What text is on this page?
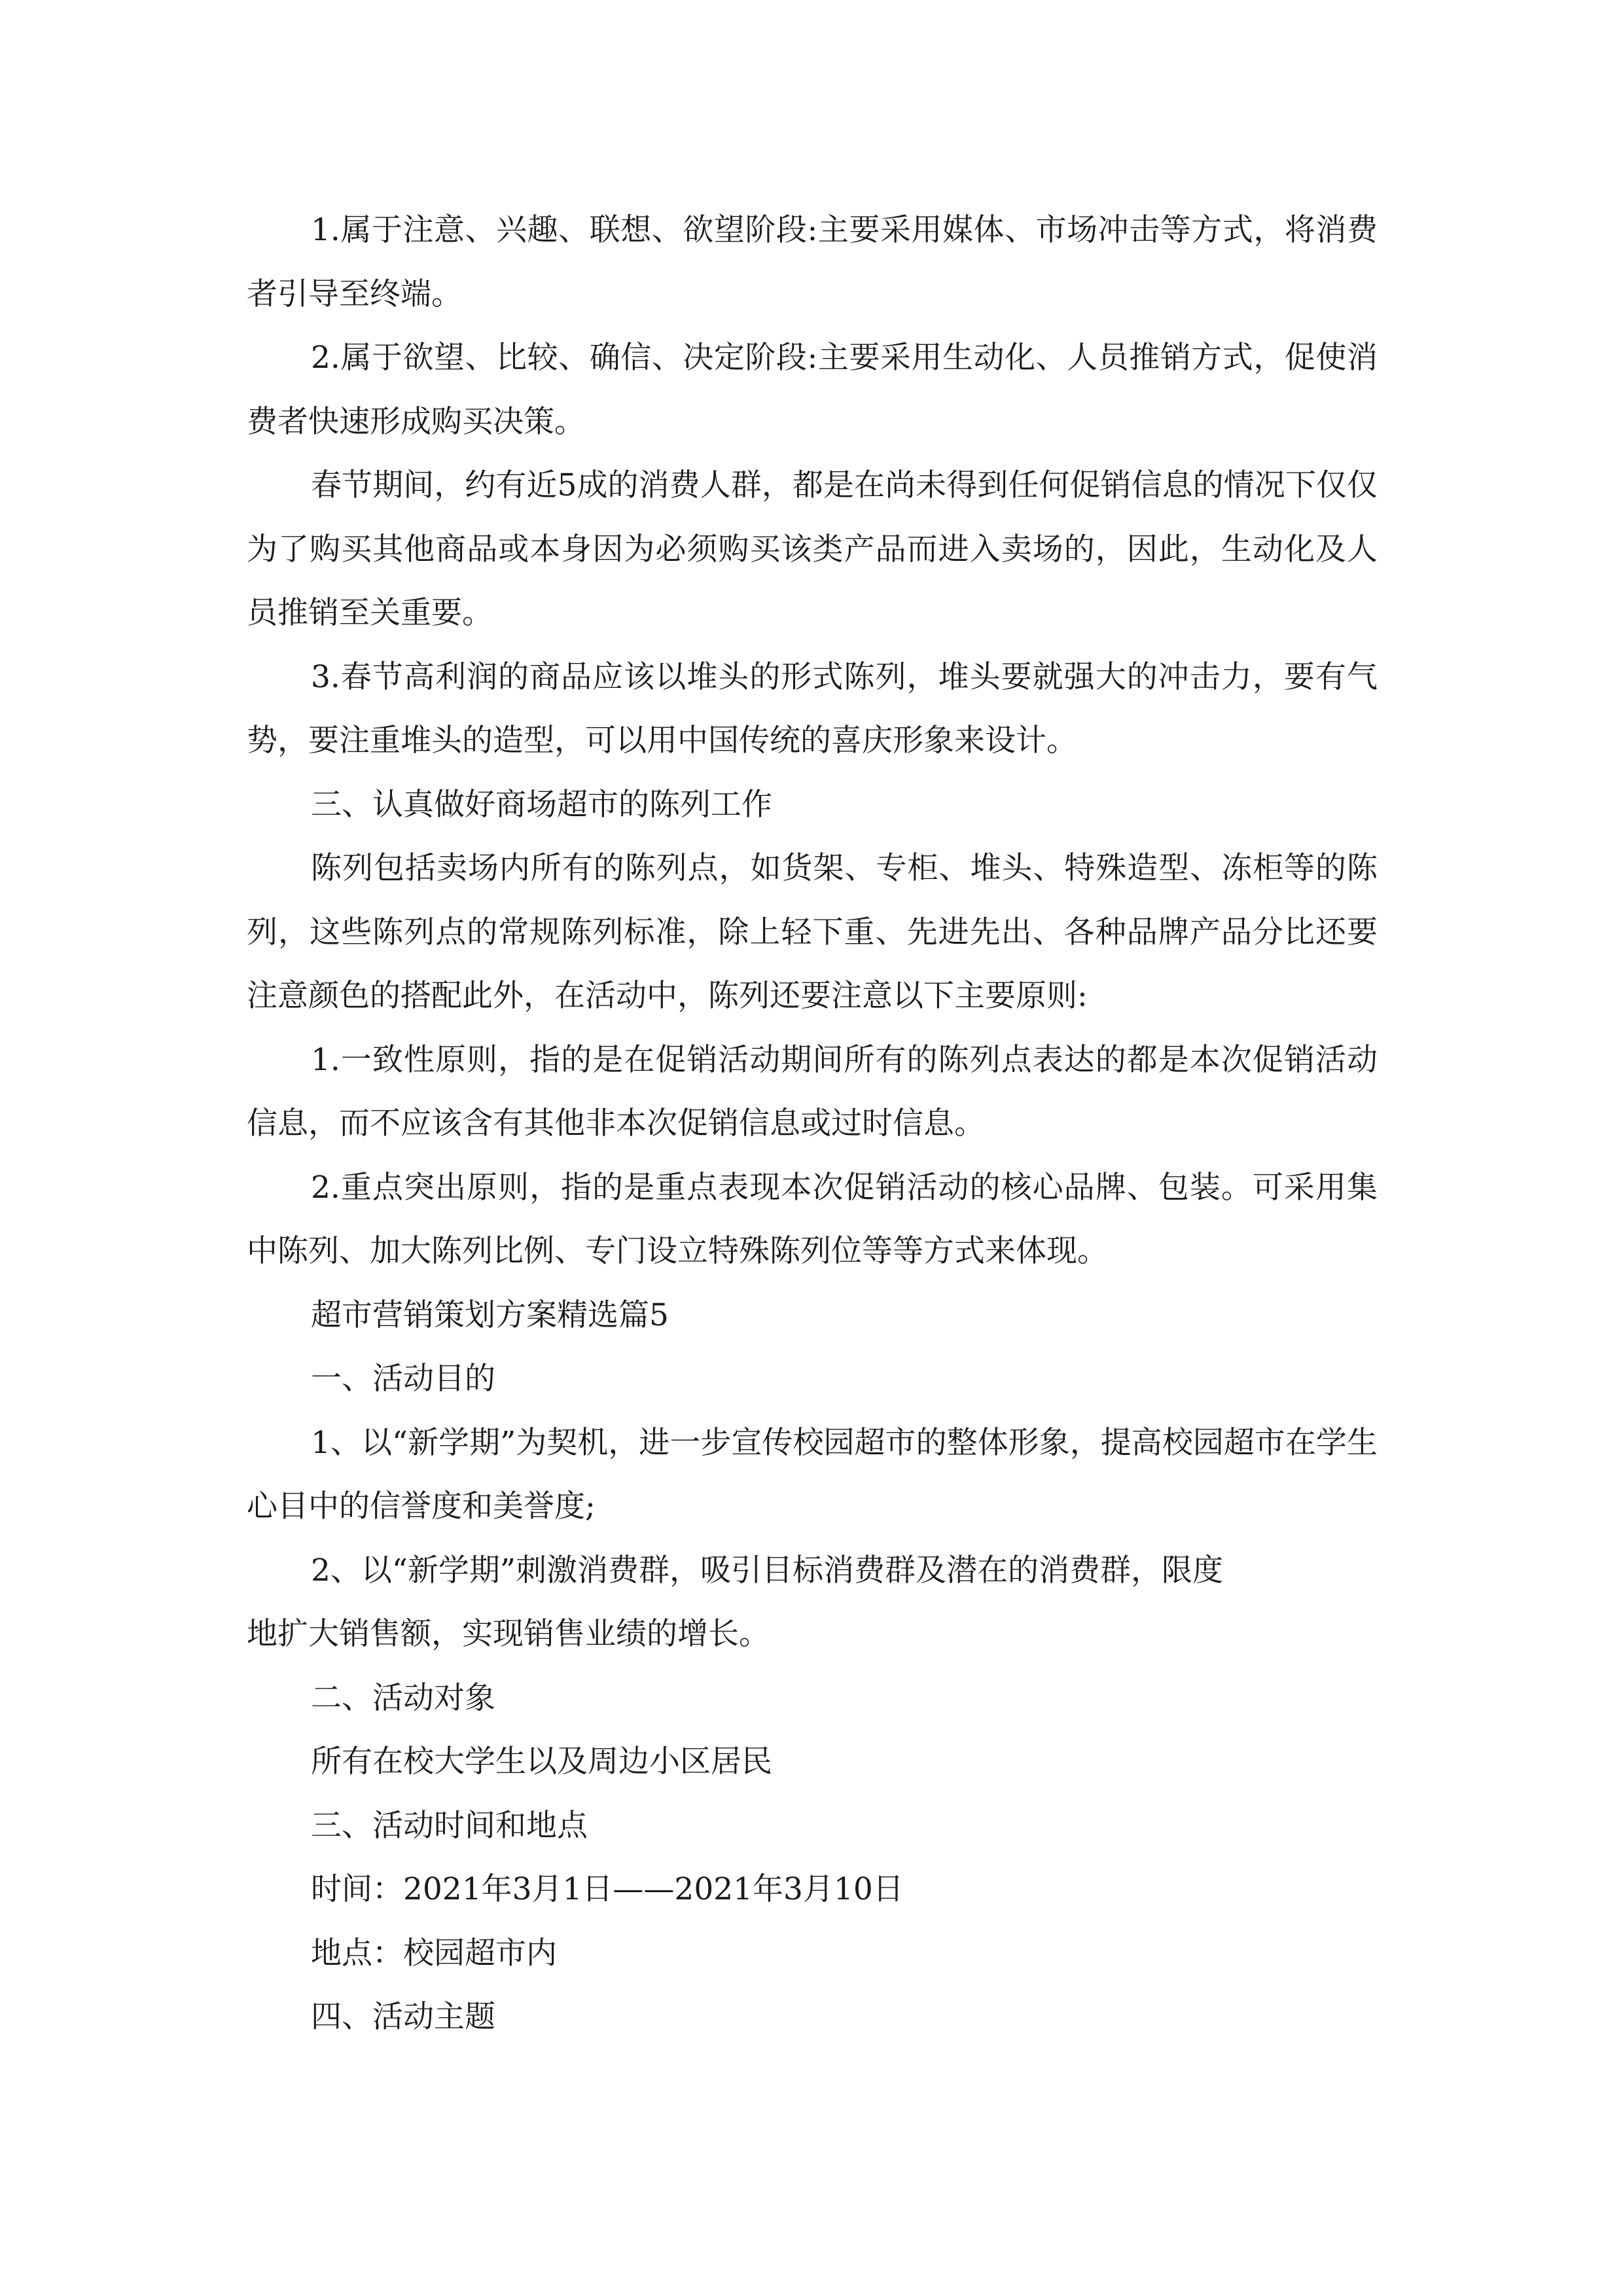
1.属于注意、兴趣、联想、欲望阶段:主要采用媒体、市场冲击等方式，将消费者引导至终端。

2.属于欲望、比较、确信、决定阶段:主要采用生动化、人员推销方式，促使消费者快速形成购买决策。

春节期间，约有近5成的消费人群，都是在尚未得到任何促销信息的情况下仅仅为了购买其他商品或本身因为必须购买该类产品而进入卖场的，因此，生动化及人员推销至关重要。

3.春节高利润的商品应该以堆头的形式陈列，堆头要就强大的冲击力，要有气势，要注重堆头的造型，可以用中国传统的喜庆形象来设计。

三、认真做好商场超市的陈列工作

陈列包括卖场内所有的陈列点，如货架、专柜、堆头、特殊造型、冻柜等的陈列，这些陈列点的常规陈列标准，除上轻下重、先进先出、各种品牌产品分比还要注意颜色的搭配此外，在活动中，陈列还要注意以下主要原则:

1.一致性原则，指的是在促销活动期间所有的陈列点表达的都是本次促销活动信息，而不应该含有其他非本次促销信息或过时信息。

2.重点突出原则，指的是重点表现本次促销活动的核心品牌、包装。可采用集中陈列、加大陈列比例、专门设立特殊陈列位等等方式来体现。

超市营销策划方案精选篇5

一、活动目的

1、以“新学期”为契机，进一步宣传校园超市的整体形象，提高校园超市在学生心目中的信誉度和美誉度;

2、以“新学期”刺激消费群，吸引目标消费群及潜在的消费群，限度

地扩大销售额，实现销售业绩的增长。

二、活动对象

所有在校大学生以及周边小区居民

三、活动时间和地点

时间：2021年3月1日——2021年3月10日

地点：校园超市内

四、活动主题
